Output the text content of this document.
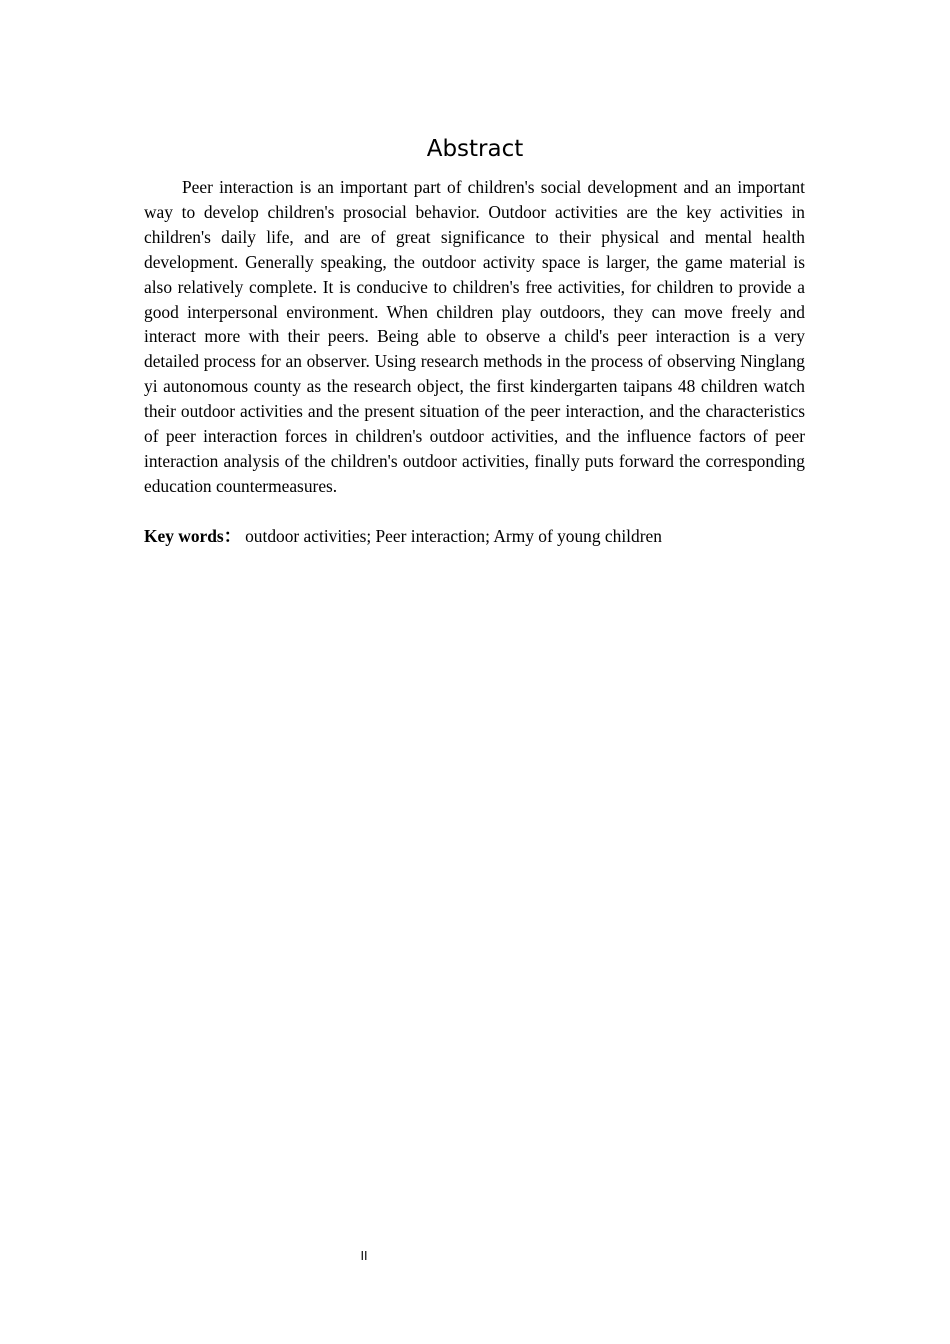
Abstract

Peer interaction is an important part of children's social development and an important way to develop children's prosocial behavior. Outdoor activities are the key activities in children's daily life, and are of great significance to their physical and mental health development. Generally speaking, the outdoor activity space is larger, the game material is also relatively complete. It is conducive to children's free activities, for children to provide a good interpersonal environment. When children play outdoors, they can move freely and interact more with their peers. Being able to observe a child's peer interaction is a very detailed process for an observer. Using research methods in the process of observing Ninglang yi autonomous county as the research object, the first kindergarten taipans 48 children watch their outdoor activities and the present situation of the peer interaction, and the characteristics of peer interaction forces in children's outdoor activities, and the influence factors of peer interaction analysis of the children's outdoor activities, finally puts forward the corresponding education countermeasures.

Key words： outdoor activities; Peer interaction; Army of young children

II
